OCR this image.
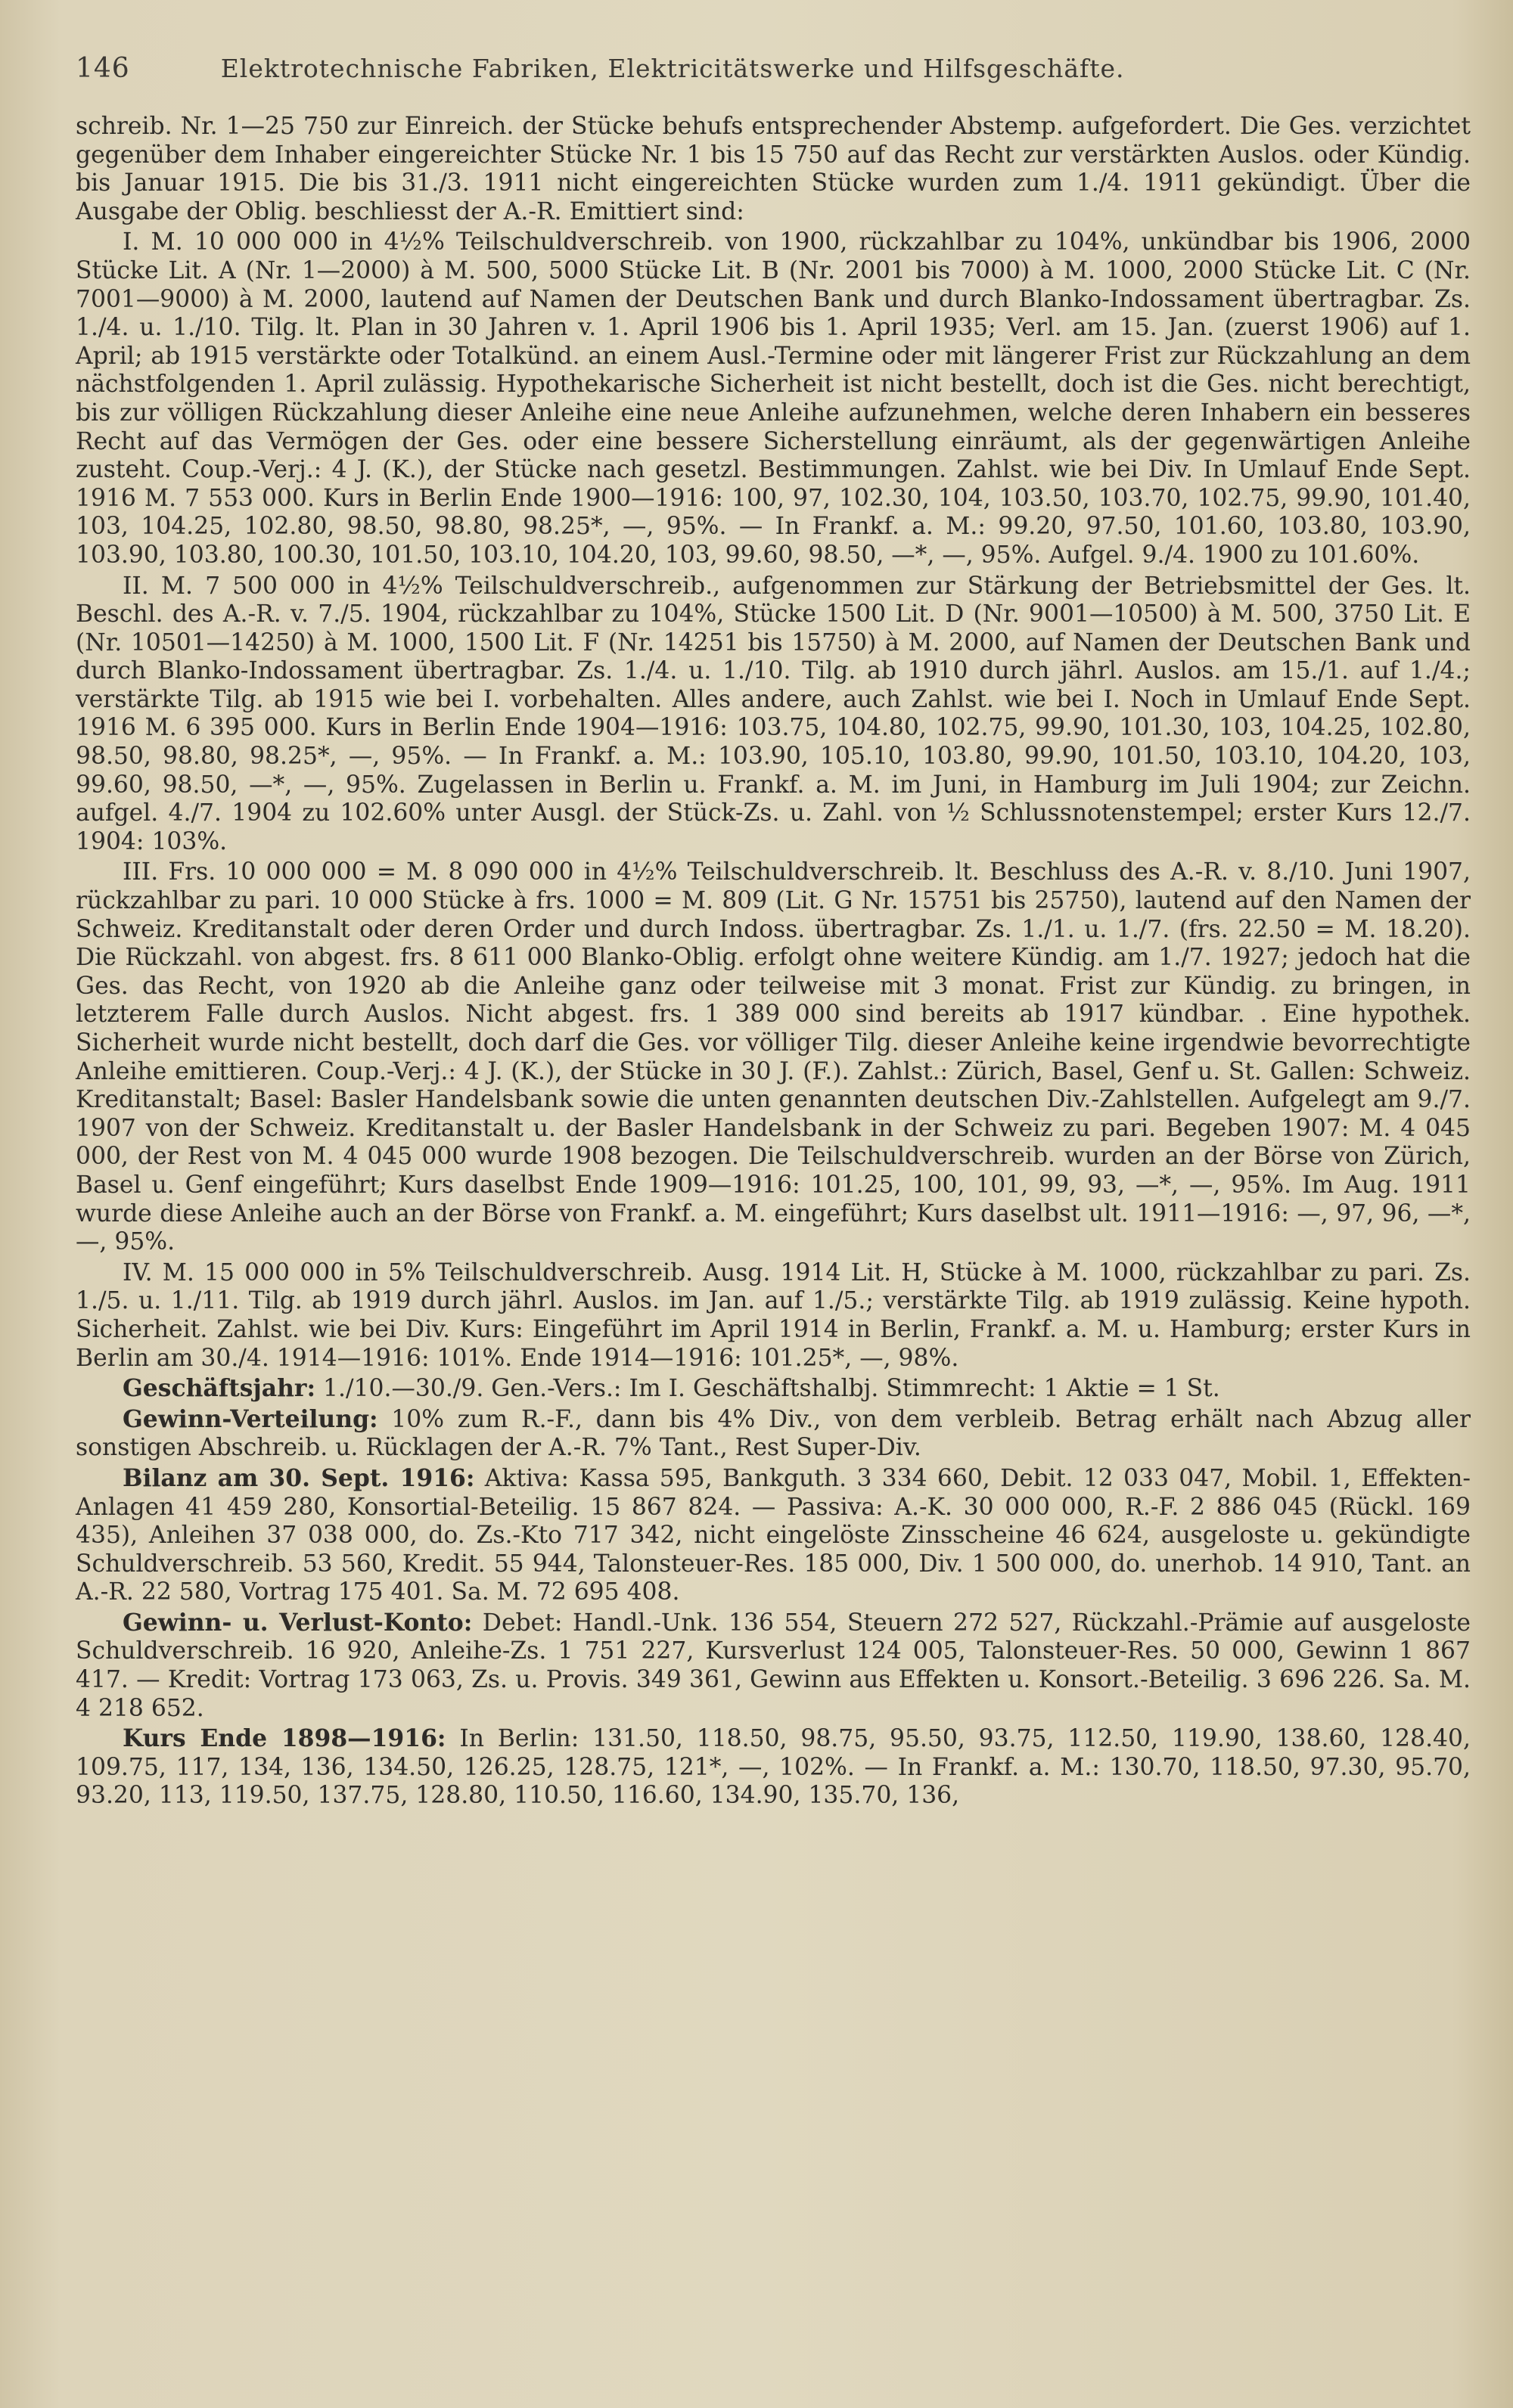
146	Elektrotechnische Fabriken, Elektricitätswerke und Hilfsgeschäfte.

schreib. Nr. 1—25 750 zur Einreich. der Stücke behufs entsprechender Abstemp. aufgefordert. Die Ges. verzichtet gegenüber dem Inhaber eingereichter Stücke Nr. 1 bis 15 750 auf das Recht zur verstärkten Auslos. oder Kündig. bis Januar 1915. Die bis 31./3. 1911 nicht eingereichten Stücke wurden zum 1./4. 1911 gekündigt. Über die Ausgabe der Oblig. beschliesst der A.-R. Emittiert sind:

I. M. 10 000 000 in 4½% Teilschuldverschreib. von 1900, rückzahlbar zu 104%, unkündbar bis 1906, 2000 Stücke Lit. A (Nr. 1—2000) à M. 500, 5000 Stücke Lit. B (Nr. 2001 bis 7000) à M. 1000, 2000 Stücke Lit. C (Nr. 7001—9000) à M. 2000, lautend auf Namen der Deutschen Bank und durch Blanko-Indossament übertragbar. Zs. 1./4. u. 1./10. Tilg. lt. Plan in 30 Jahren v. 1. April 1906 bis 1. April 1935; Verl. am 15. Jan. (zuerst 1906) auf 1. April; ab 1915 verstärkte oder Totalkünd. an einem Ausl.-Termine oder mit längerer Frist zur Rückzahlung an dem nächstfolgenden 1. April zulässig. Hypothekarische Sicherheit ist nicht bestellt, doch ist die Ges. nicht berechtigt, bis zur völligen Rückzahlung dieser Anleihe eine neue Anleihe aufzunehmen, welche deren Inhabern ein besseres Recht auf das Vermögen der Ges. oder eine bessere Sicherstellung einräumt, als der gegenwärtigen Anleihe zusteht. Coup.-Verj.: 4 J. (K.), der Stücke nach gesetzl. Bestimmungen. Zahlst. wie bei Div. In Umlauf Ende Sept. 1916 M. 7 553 000. Kurs in Berlin Ende 1900—1916: 100, 97, 102.30, 104, 103.50, 103.70, 102.75, 99.90, 101.40, 103, 104.25, 102.80, 98.50, 98.80, 98.25*, —, 95%. — In Frankf. a. M.: 99.20, 97.50, 101.60, 103.80, 103.90, 103.90, 103.80, 100.30, 101.50, 103.10, 104.20, 103, 99.60, 98.50, —*, —, 95%. Aufgel. 9./4. 1900 zu 101.60%.

II. M. 7 500 000 in 4½% Teilschuldverschreib., aufgenommen zur Stärkung der Betriebsmittel der Ges. lt. Beschl. des A.-R. v. 7./5. 1904, rückzahlbar zu 104%, Stücke 1500 Lit. D (Nr. 9001—10500) à M. 500, 3750 Lit. E (Nr. 10501—14250) à M. 1000, 1500 Lit. F (Nr. 14251 bis 15750) à M. 2000, auf Namen der Deutschen Bank und durch Blanko-Indossament übertragbar. Zs. 1./4. u. 1./10. Tilg. ab 1910 durch jährl. Auslos. am 15./1. auf 1./4.; verstärkte Tilg. ab 1915 wie bei I. vorbehalten. Alles andere, auch Zahlst. wie bei I. Noch in Umlauf Ende Sept. 1916 M. 6 395 000. Kurs in Berlin Ende 1904—1916: 103.75, 104.80, 102.75, 99.90, 101.30, 103, 104.25, 102.80, 98.50, 98.80, 98.25*, —, 95%. — In Frankf. a. M.: 103.90, 105.10, 103.80, 99.90, 101.50, 103.10, 104.20, 103, 99.60, 98.50, —*, —, 95%. Zugelassen in Berlin u. Frankf. a. M. im Juni, in Hamburg im Juli 1904; zur Zeichn. aufgel. 4./7. 1904 zu 102.60% unter Ausgl. der Stück-Zs. u. Zahl. von ½ Schlussnotenstempel; erster Kurs 12./7. 1904: 103%.

III. Frs. 10 000 000 = M. 8 090 000 in 4½% Teilschuldverschreib. lt. Beschluss des A.-R. v. 8./10. Juni 1907, rückzahlbar zu pari. 10 000 Stücke à frs. 1000 = M. 809 (Lit. G Nr. 15751 bis 25750), lautend auf den Namen der Schweiz. Kreditanstalt oder deren Order und durch Indoss. übertragbar. Zs. 1./1. u. 1./7. (frs. 22.50 = M. 18.20). Die Rückzahl. von abgest. frs. 8 611 000 Blanko-Oblig. erfolgt ohne weitere Kündig. am 1./7. 1927; jedoch hat die Ges. das Recht, von 1920 ab die Anleihe ganz oder teilweise mit 3 monat. Frist zur Kündig. zu bringen, in letzterem Falle durch Auslos. Nicht abgest. frs. 1 389 000 sind bereits ab 1917 kündbar. . Eine hypothek. Sicherheit wurde nicht bestellt, doch darf die Ges. vor völliger Tilg. dieser Anleihe keine irgendwie bevorrechtigte Anleihe emittieren. Coup.-Verj.: 4 J. (K.), der Stücke in 30 J. (F.). Zahlst.: Zürich, Basel, Genf u. St. Gallen: Schweiz. Kreditanstalt; Basel: Basler Handelsbank sowie die unten genannten deutschen Div.-Zahlstellen. Aufgelegt am 9./7. 1907 von der Schweiz. Kreditanstalt u. der Basler Handelsbank in der Schweiz zu pari. Begeben 1907: M. 4 045 000, der Rest von M. 4 045 000 wurde 1908 bezogen. Die Teilschuldverschreib. wurden an der Börse von Zürich, Basel u. Genf eingeführt; Kurs daselbst Ende 1909—1916: 101.25, 100, 101, 99, 93, —*, —, 95%. Im Aug. 1911 wurde diese Anleihe auch an der Börse von Frankf. a. M. eingeführt; Kurs daselbst ult. 1911—1916: —, 97, 96, —*, —, 95%.

IV. M. 15 000 000 in 5% Teilschuldverschreib. Ausg. 1914 Lit. H, Stücke à M. 1000, rückzahlbar zu pari. Zs. 1./5. u. 1./11. Tilg. ab 1919 durch jährl. Auslos. im Jan. auf 1./5.; verstärkte Tilg. ab 1919 zulässig. Keine hypoth. Sicherheit. Zahlst. wie bei Div. Kurs: Eingeführt im April 1914 in Berlin, Frankf. a. M. u. Hamburg; erster Kurs in Berlin am 30./4. 1914—1916: 101%. Ende 1914—1916: 101.25*, —, 98%.

Geschäftsjahr: 1./10.—30./9. Gen.-Vers.: Im I. Geschäftshalbj. Stimmrecht: 1 Aktie = 1 St.

Gewinn-Verteilung: 10% zum R.-F., dann bis 4% Div., von dem verbleib. Betrag erhält nach Abzug aller sonstigen Abschreib. u. Rücklagen der A.-R. 7% Tant., Rest Super-Div.

Bilanz am 30. Sept. 1916: Aktiva: Kassa 595, Bankguth. 3 334 660, Debit. 12 033 047, Mobil. 1, Effekten-Anlagen 41 459 280, Konsortial-Beteilig. 15 867 824. — Passiva: A.-K. 30 000 000, R.-F. 2 886 045 (Rückl. 169 435), Anleihen 37 038 000, do. Zs.-Kto 717 342, nicht eingelöste Zinsscheine 46 624, ausgeloste u. gekündigte Schuldverschreib. 53 560, Kredit. 55 944, Talonsteuer-Res. 185 000, Div. 1 500 000, do. unerhob. 14 910, Tant. an A.-R. 22 580, Vortrag 175 401. Sa. M. 72 695 408.

Gewinn- u. Verlust-Konto: Debet: Handl.-Unk. 136 554, Steuern 272 527, Rückzahl.-Prämie auf ausgeloste Schuldverschreib. 16 920, Anleihe-Zs. 1 751 227, Kursverlust 124 005, Talonsteuer-Res. 50 000, Gewinn 1 867 417. — Kredit: Vortrag 173 063, Zs. u. Provis. 349 361, Gewinn aus Effekten u. Konsort.-Beteilig. 3 696 226. Sa. M. 4 218 652.

Kurs Ende 1898—1916: In Berlin: 131.50, 118.50, 98.75, 95.50, 93.75, 112.50, 119.90, 138.60, 128.40, 109.75, 117, 134, 136, 134.50, 126.25, 128.75, 121*, —, 102%. — In Frankf. a. M.: 130.70, 118.50, 97.30, 95.70, 93.20, 113, 119.50, 137.75, 128.80, 110.50, 116.60, 134.90, 135.70, 136,
